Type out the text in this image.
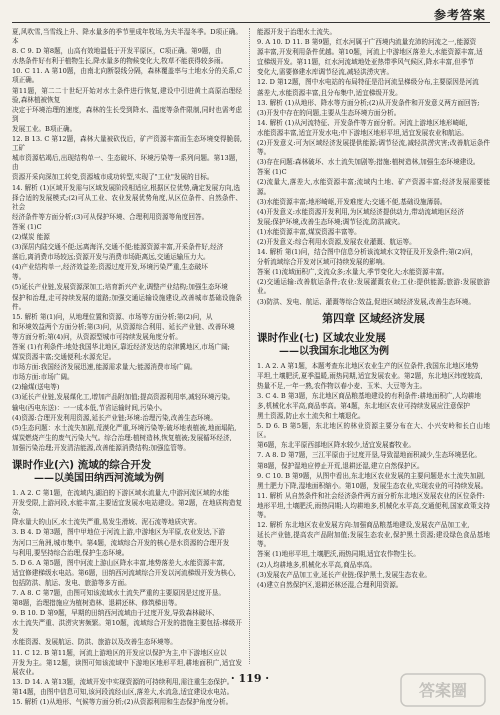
参考答案

夏,风吹雪,当雪线上升、降水量多的季节里成年牧场,为夫半湿冬季。D项正确。本

8. C 9. D 第8题，山高有效地温低于开发平原区，C项正确。第9题，由

水热条件好有利于植物生长,降水量多的物候变化大,牧草不能获得较多雨。

10. C 11. A 第10题，由南北向断裂线分隔，森林覆盖率与土地水分的关系,C项正确。

第11题，第二二十世纪开始对水土条件进行恢复,建设中引进黄土高原治理经验,森林植被恢复

决定于环境治理的速度，森林的生长受到降水、温度等条件限制,同时也需考虑到

发展工业。B项正确。

12. B 13. C 第12题，森林大量被砍伐后，矿产资源丰富而生态环境变得脆弱,工矿

城市资源枯竭后,出现结构单一、生态破坏、环境污染等一系列问题。第13题，由

资源开采向深加工转变,资源城市成功转型,实现了"工业"发展的目标。

14. 解析 (1)区域开发需与区域发展阶段相适应,根据区位优势,确定发展方向,选

择合适的发展模式;(2)可从工业、农业发展优势角度,从区位条件、自然条件、社会

经济条件等方面分析;(3)可从保护环境、合理利用资源等角度回答。

答案 (1)C

(2)煤炭 能源

(3)深居内陆交通不便;远离海洋,交通不便;能源资源丰富,开采条件好,经济

落后,离消费市场较远;资源开发与消费市场距离远,交通运输压力大。

(4)产业结构单一,经济效益差;资源过度开发,环境污染严重,生态破坏

等。

(5)延长产业链,发展资源深加工;培育新兴产业,调整产业结构;加强生态环境

保护和治理,走可持续发展的道路;加强交通运输设施建设,改善城市基础设施条件。

15. 解析 第(1)问，从地理位置和资源、市场等方面分析;第(2)问，从

和环境效益两个方面分析;第(3)问，从资源综合利用、延长产业链、改善环境

等方面分析;第(4)问，从资源型城市可持续发展角度分析。

答案 (1)有利条件:地处我国华北地区,靠近经济发达的京津冀地区,市场广阔;

煤炭资源丰富;交通便利;水源充足。

市场方面:我国经济发展迅速,能源需求量大;能源消费市场广阔。

市场方面:市场广阔。

(2)输煤(送电等)

(3)延长产业链,发展煤化工,增加产品附加值;提高资源利用率,减轻环境污染。

输电(西电东送)：一一成本低,节省运输时间,污染小。

(4)资源:合理开发利用资源,延长产业链;环境:治理污染,改善生态环境。

(5)生态问题：水土流失加剧,荒漠化严重,环境污染等;破坏地表植被,地面塌陷,

煤炭燃烧产生的废气污染大气。综合治理:植树造林,恢复植被;发展循环经济,

加强污染治理;开发清洁能源,改善能源消费结构;加强监管等。

课时作业(六) 流域的综合开发
——以美国田纳西河流域为例

1. A 2. C 第1题，在流域内,湖泊的下游区域水流量大,中游河流区域的水能

开发受限,上游河段,水能丰富,主要适宜发展水电站建设。第2题，在地质构造复杂,

降水量大的山区,水土流失严重,易发生滑坡、泥石流等地质灾害。

3. B 4. D 第3题，图中甲地位于河流上游,中游地区为平原,农业发达,下游

为河口三角洲,城市集中。第4题，流域综合开发的核心是水资源的合理开发

与利用,要坚持综合治理,保护生态环境。

5. D 6. A 第5题，图中河流上游山区降水丰富,地势落差大,水能资源丰富,

适宜修建梯级水电站。第6题，田纳西河流域综合开发以河流梯级开发为核心,

包括防洪、航运、发电、旅游等多方面。

7. A 8. C 第7题，由图可知该流域水土流失严重的主要原因是过度开垦。

第8题，治理措施应为植树造林、退耕还林、修筑梯田等。

9. B 10. D 第9题，早期的田纳西河流域由于过度开发,导致森林破坏、

水土流失严重、洪涝灾害频繁。第10题，流域综合开发的措施主要包括:梯级开发

水能资源、发展航运、防洪、旅游以及改善生态环境等。

11. C 12. B 第11题，河流上游地区的开发应以保护为主,中下游地区应以

开发为主。第12题，读图可知该流域中下游地区地形平坦,耕地面积广,适宜发展农业。

13. D 14. A 第13题，流域开发中实现资源的可持续利用,需注重生态保护。

第14题，由图中信息可知,该河段流经山区,落差大,水流急,适宜建设水电站。

15. 解析 (1)从地形、气候等方面分析;(2)从资源利用和生态保护角度分析。

能源开发于治理水土流失。

9. A 10. D 11. B 第9题，红水河属于广西境内流量充沛的河流之一,能源资

源丰富,开发利用条件优越。第10题，河流上中游地区落差大,水能资源丰富,适

宜梯级开发。第11题，红水河流域地处亚热带季风气候区,降水丰富,但季节

变化大,需要修建水库调节径流,减轻洪涝灾害。

12. D 第12题，图中水电站的布局特征是沿河流呈梯级分布,主要原因是河流

落差大,水能资源丰富,且分布集中,适宜梯级开发。

13. 解析 (1)从地形、降水等方面分析;(2)从开发条件和开发意义两方面回答;

(3)开发中存在的问题,主要从生态环境方面分析。

14. 解析 (1)从河流特征、开发条件等方面分析。河流上游地区地形崎岖,

水能资源丰富,适宜开发水电;中下游地区地形平坦,适宜发展农业和航运。

(2)开发意义:可为区域经济发展提供能源;调节径流,减轻洪涝灾害;改善航运条件等。

(3)存在问题:森林破坏、水土流失加剧等;措施:植树造林,加强生态环境建设。

答案 (1)C

(2)流量大,落差大,水能资源丰富;流域内土地、矿产资源丰富;经济发展需要能源。

(3)水能资源丰富;地形崎岖,开发难度大;交通不便,基础设施薄弱。

(4)开发意义:水能资源开发利用,为区域经济提供动力,带动流域地区经济

发展;保护环境,改善生态环境;调节径流,防洪减灾。

(1)水能资源丰富,煤炭资源丰富等。

(2)开发意义:综合利用水资源,发展农业灌溉、航运等。

14. 解析 第(1)问，结合图中信息分析该流域水文特征及开发条件;第(2)问，

分析流域综合开发对区域可持续发展的影响。

答案 (1)流域面积广,支流众多;水量大,季节变化大;水能资源丰富。

(2)交通运输:改善航运条件;农业:发展灌溉农业;工业:提供能源;旅游:发展旅游业。

(3)防洪、发电、航运、灌溉等综合效益,促进区域经济发展,改善生态环境。

第四章 区域经济发展
课时作业(七) 区域农业发展
——以我国东北地区为例

1. A 2. A 第1题，本题考查东北地区农业生产的区位条件,我国东北地区地势

平坦,土壤肥沃,夏季温暖,雨热同期,适宜发展农业。第2题，东北地区纬度较高,

热量不足,一年一熟,农作物以春小麦、玉米、大豆等为主。

3. C 4. B 第3题，东北地区商品粮基地建设的有利条件:耕地面积广,人均耕地

多,机械化水平高,商品率高。第4题，东北地区农业可持续发展应注意保护

黑土资源,防止水土流失和土壤退化。

5. D 6. B 第5题，东北地区的林业资源主要分布在大、小兴安岭和长白山地区。

第6题，东北平原西部地区降水较少,适宜发展畜牧业。

7. A 8. D 第7题，三江平原由于过度开垦,导致湿地面积减少,生态环境恶化。

第8题，保护湿地应停止开荒,退耕还湿,建立自然保护区。

9. C 10. B 第9题，从图中看出,东北地区农业发展的主要问题是水土流失加剧,

黑土肥力下降,湿地面积缩小。第10题，发展生态农业,实现农业的可持续发展。

11. 解析 从自然条件和社会经济条件两方面分析东北地区发展农业的区位条件:

地形平坦,土壤肥沃,雨热同期;人均耕地多,机械化水平高,交通便利,国家政策支持等。

12. 解析 东北地区农业发展方向:加强商品粮基地建设,发展农产品加工业,

延长产业链,提高农产品附加值;发展生态农业,保护黑土资源;建设绿色食品基地等。

答案 (1)地形平坦,土壤肥沃,雨热同期,适宜农作物生长。

(2)人均耕地多,机械化水平高,商品率高。

(3)发展农产品加工业,延长产业链;保护黑土,发展生态农业。

(4)建立自然保护区,退耕还林还湿,合理利用资源。

· 119 ·
答案圈
